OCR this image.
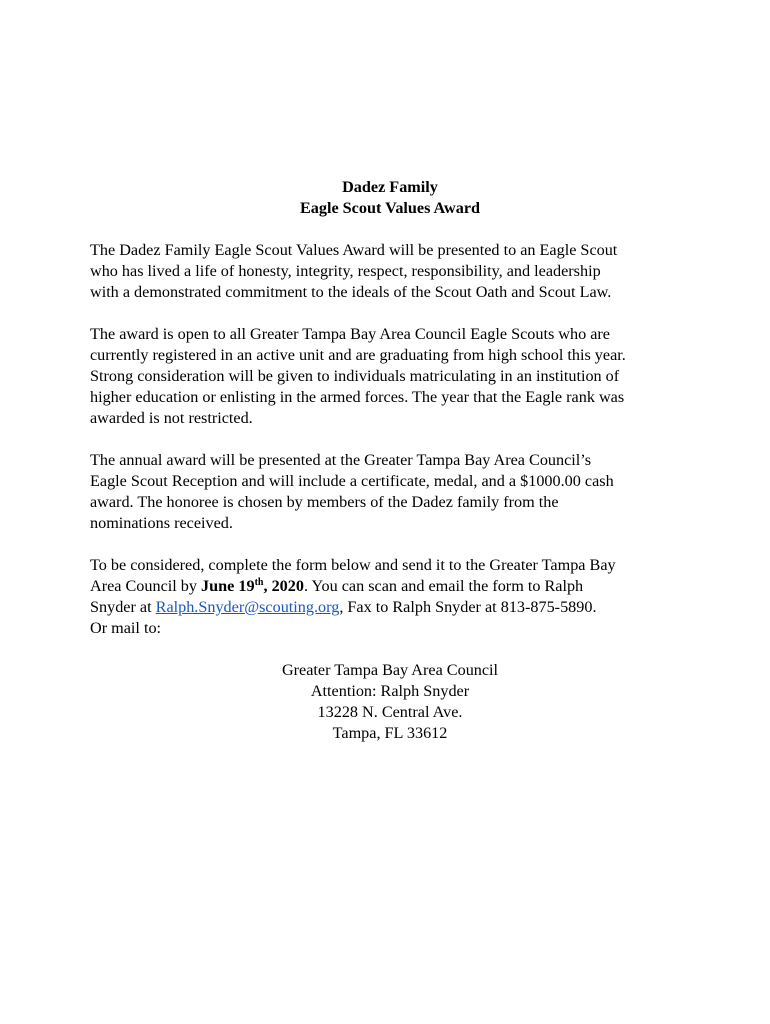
Dadez Family
Eagle Scout Values Award

The Dadez Family Eagle Scout Values Award will be presented to an Eagle Scout
who has lived a life of honesty, integrity, respect, responsibility, and leadership
with a demonstrated commitment to the ideals of the Scout Oath and Scout Law.

The award is open to all Greater Tampa Bay Area Council Eagle Scouts who are
currently registered in an active unit and are graduating from high school this year.
Strong consideration will be given to individuals matriculating in an institution of
higher education or enlisting in the armed forces. The year that the Eagle rank was
awarded is not restricted.

The annual award will be presented at the Greater Tampa Bay Area Council’s
Eagle Scout Reception and will include a certificate, medal, and a $1000.00 cash
award. The honoree is chosen by members of the Dadez family from the
nominations received.

To be considered, complete the form below and send it to the Greater Tampa Bay
Area Council by June 19th, 2020. You can scan and email the form to Ralph
Snyder at Ralph.Snyder@scouting.org, Fax to Ralph Snyder at 813-875-5890.
Or mail to:

Greater Tampa Bay Area Council
Attention: Ralph Snyder
13228 N. Central Ave.
Tampa, FL 33612
